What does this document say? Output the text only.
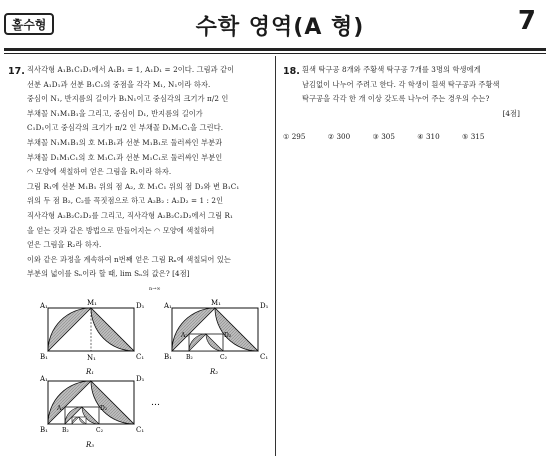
홀수형	수학 영역(A 형)	7
17. 직사각형 A₁B₁C₁D₁에서 A₁B₁ = 1, A₁D₁ = 2이다. 그림과 같이
선분 A₁D₁과 선분 B₁C₁의 중점을 각각 M₁, N₁이라 하자.
중심이 N₁, 반지름의 길이가 B₁N₁이고 중심각의 크기가 π/2 인
부채꼴 N₁M₁B₁을 그리고, 중심이 D₁, 반지름의 길이가
C₁D₁이고 중심각의 크기가 π/2 인 부채꼴 D₁M₁C₁을 그린다.
부채꼴 N₁M₁B₁의 호 M₁B₁과 선분 M₁B₁로 둘러싸인 부분과
부채꼴 D₁M₁C₁의 호 M₁C₁과 선분 M₁C₁로 둘러싸인 부분인
◠ 모양에 색칠하여 얻은 그림을 R₁이라 하자.
그림 R₁에 선분 M₁B₁ 위의 점 A₂, 호 M₁C₁ 위의 점 D₂와 변 B₁C₁
위의 두 점 B₂, C₂를 꼭짓점으로 하고 A₂B₂ : A₂D₂ = 1 : 2인
직사각형 A₂B₂C₂D₂를 그리고, 직사각형 A₂B₂C₂D₂에서 그림 R₁
을 얻는 것과 같은 방법으로 만들어지는 ◠ 모양에 색칠하여
얻은 그림을 R₂라 하자.
이와 같은 과정을 계속하여 n번째 얻은 그림 Rₙ에 색칠되어 있는
부분의 넓이를 Sₙ이라 할 때, lim Sₙ의 값은? [4점]
n→∞
A₁	D₁
M₁
B₁	C₁
N₁
R₁
A₁	D₁
M₁
A₂	D₂
B₁ B₂	C₂	C₁
R₂
A₁	D₁
A₂	D₂
B₁ B₂	C₂	C₁
…
R₃
18. 흰색 탁구공 8개와 주황색 탁구공 7개를 3명의 학생에게
남김없이 나누어 주려고 한다. 각 학생이 흰색 탁구공과 주황색
탁구공을 각각 한 개 이상 갖도록 나누어 주는 경우의 수는?
[4점]
① 295	② 300	③ 305	④ 310	⑤ 315
